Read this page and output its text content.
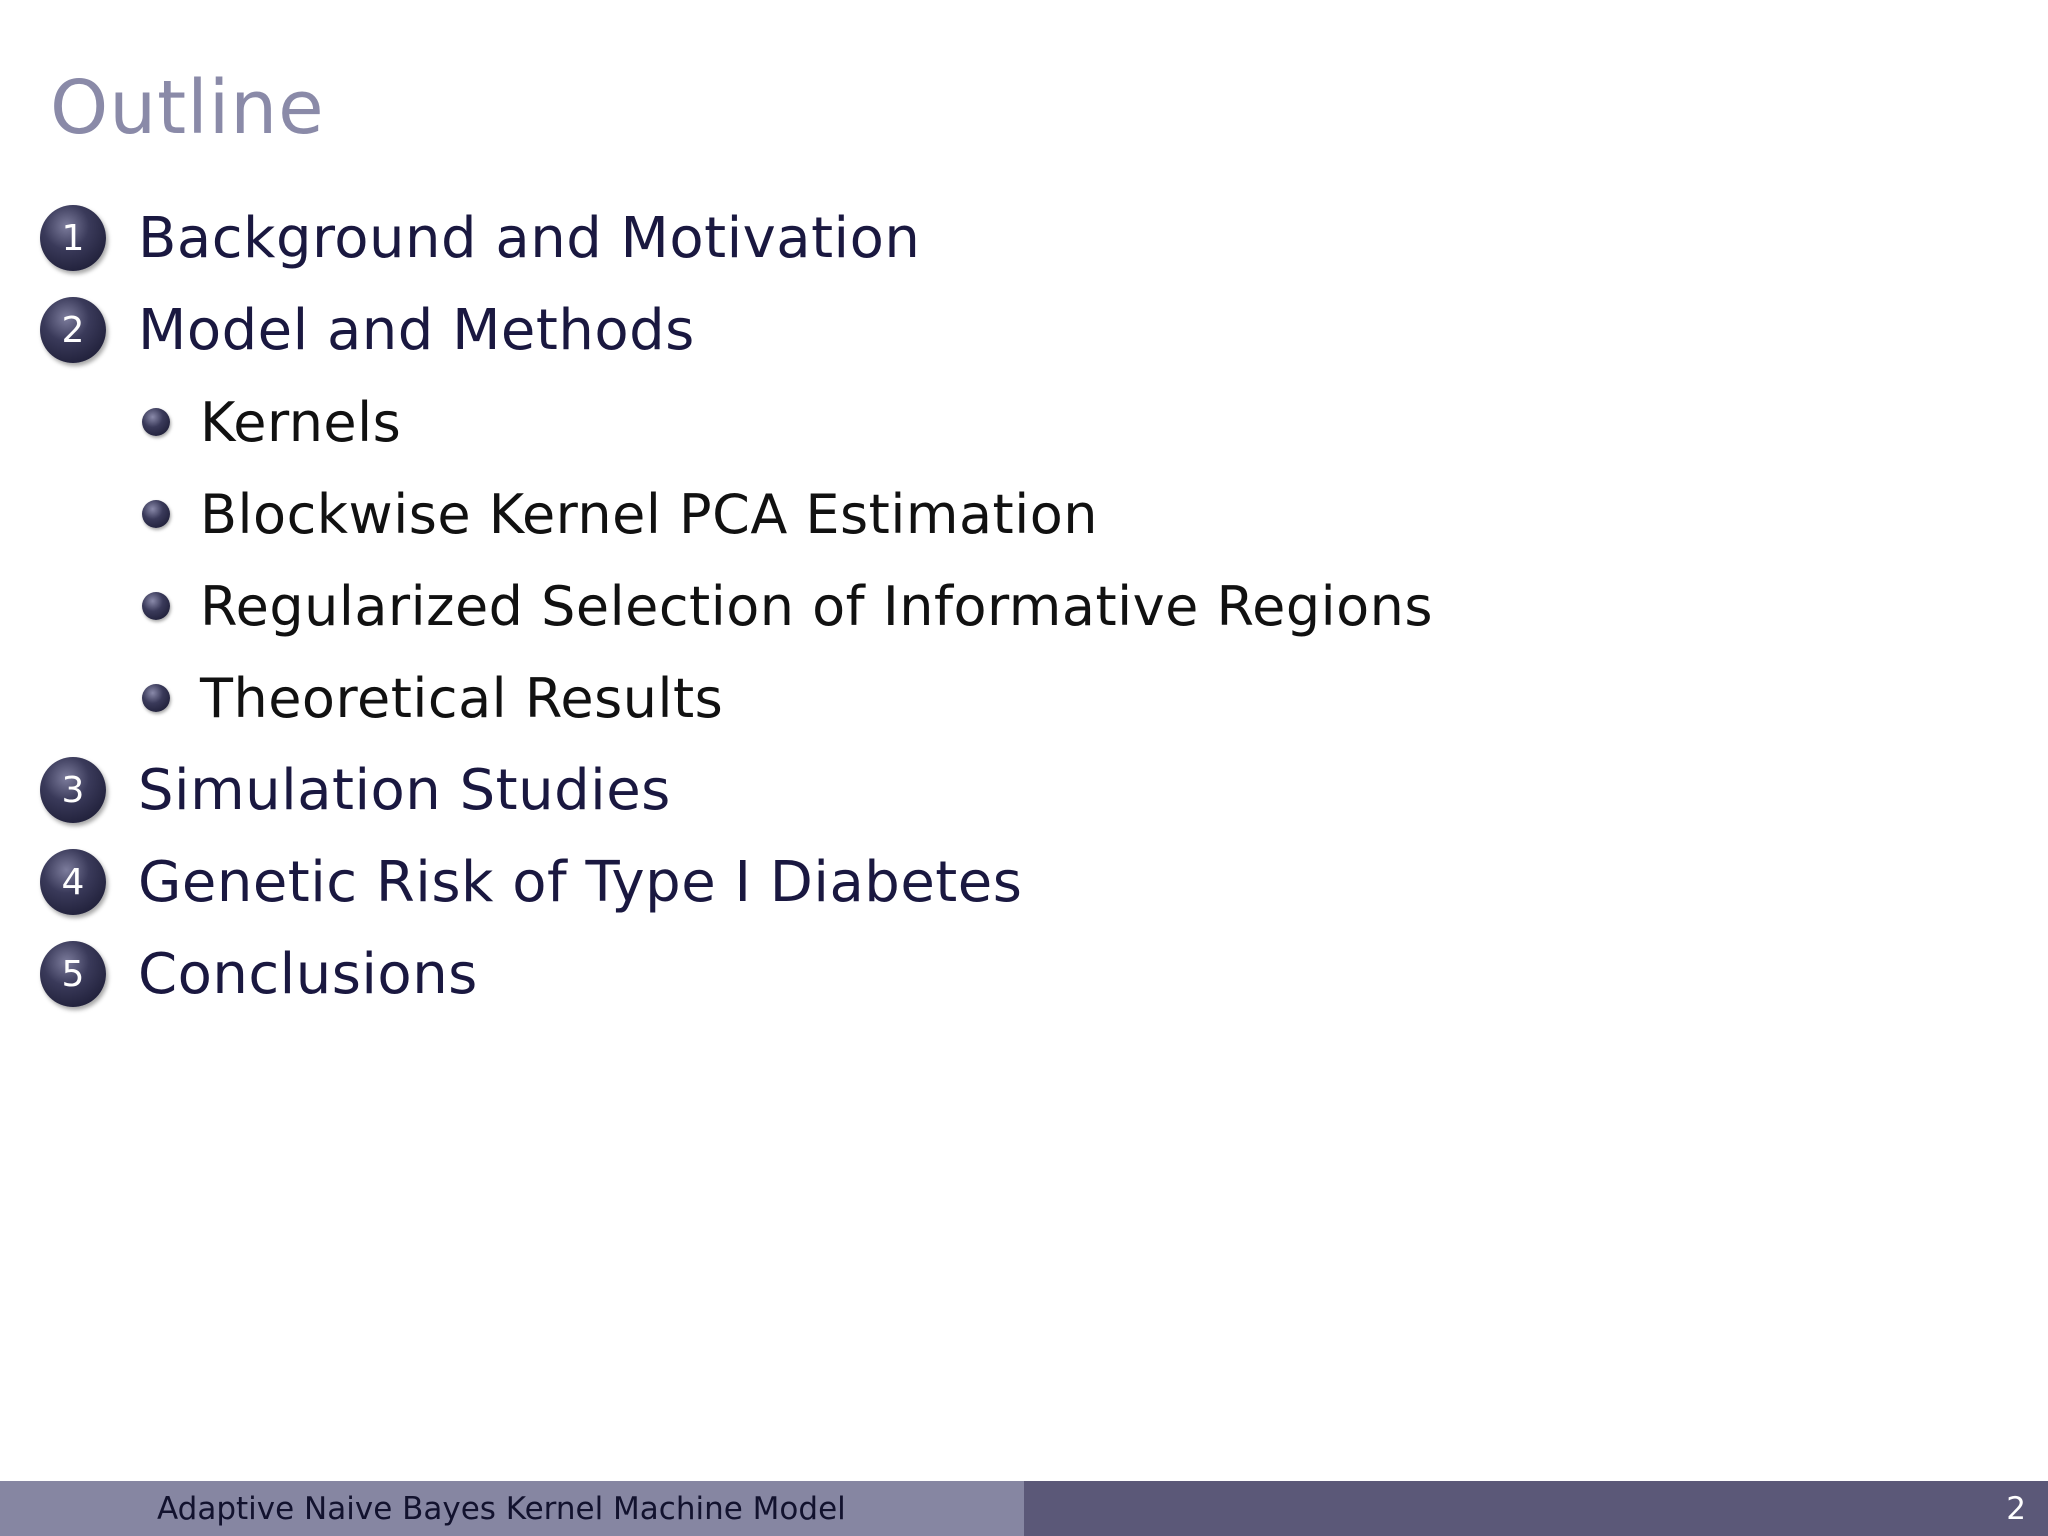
Outline
1 Background and Motivation
2 Model and Methods
Kernels
Blockwise Kernel PCA Estimation
Regularized Selection of Informative Regions
Theoretical Results
3 Simulation Studies
4 Genetic Risk of Type I Diabetes
5 Conclusions
Adaptive Naive Bayes Kernel Machine Model	2
